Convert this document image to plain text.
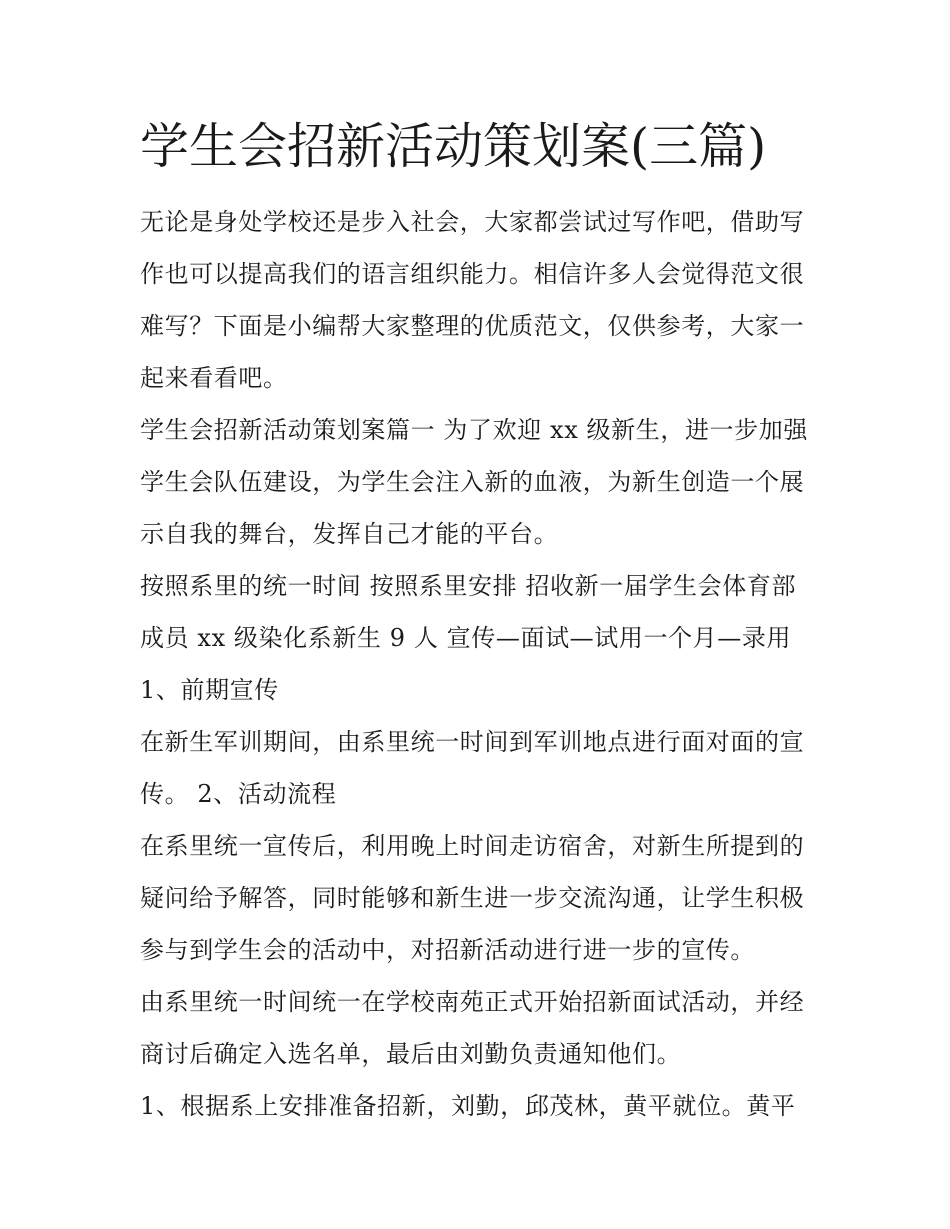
学生会招新活动策划案(三篇)
无论是身处学校还是步入社会，大家都尝试过写作吧，借助写
作也可以提高我们的语言组织能力。相信许多人会觉得范文很
难写？下面是小编帮大家整理的优质范文，仅供参考，大家一
起来看看吧。
学生会招新活动策划案篇一 为了欢迎 xx 级新生，进一步加强
学生会队伍建设，为学生会注入新的血液，为新生创造一个展
示自我的舞台，发挥自己才能的平台。
按照系里的统一时间 按照系里安排 招收新一届学生会体育部
成员 xx 级染化系新生 9 人 宣传—面试—试用一个月—录用
1、前期宣传
在新生军训期间，由系里统一时间到军训地点进行面对面的宣
传。 2、活动流程
在系里统一宣传后，利用晚上时间走访宿舍，对新生所提到的
疑问给予解答，同时能够和新生进一步交流沟通，让学生积极
参与到学生会的活动中，对招新活动进行进一步的宣传。
由系里统一时间统一在学校南苑正式开始招新面试活动，并经
商讨后确定入选名单，最后由刘勤负责通知他们。
1、根据系上安排准备招新，刘勤，邱茂林，黄平就位。黄平
